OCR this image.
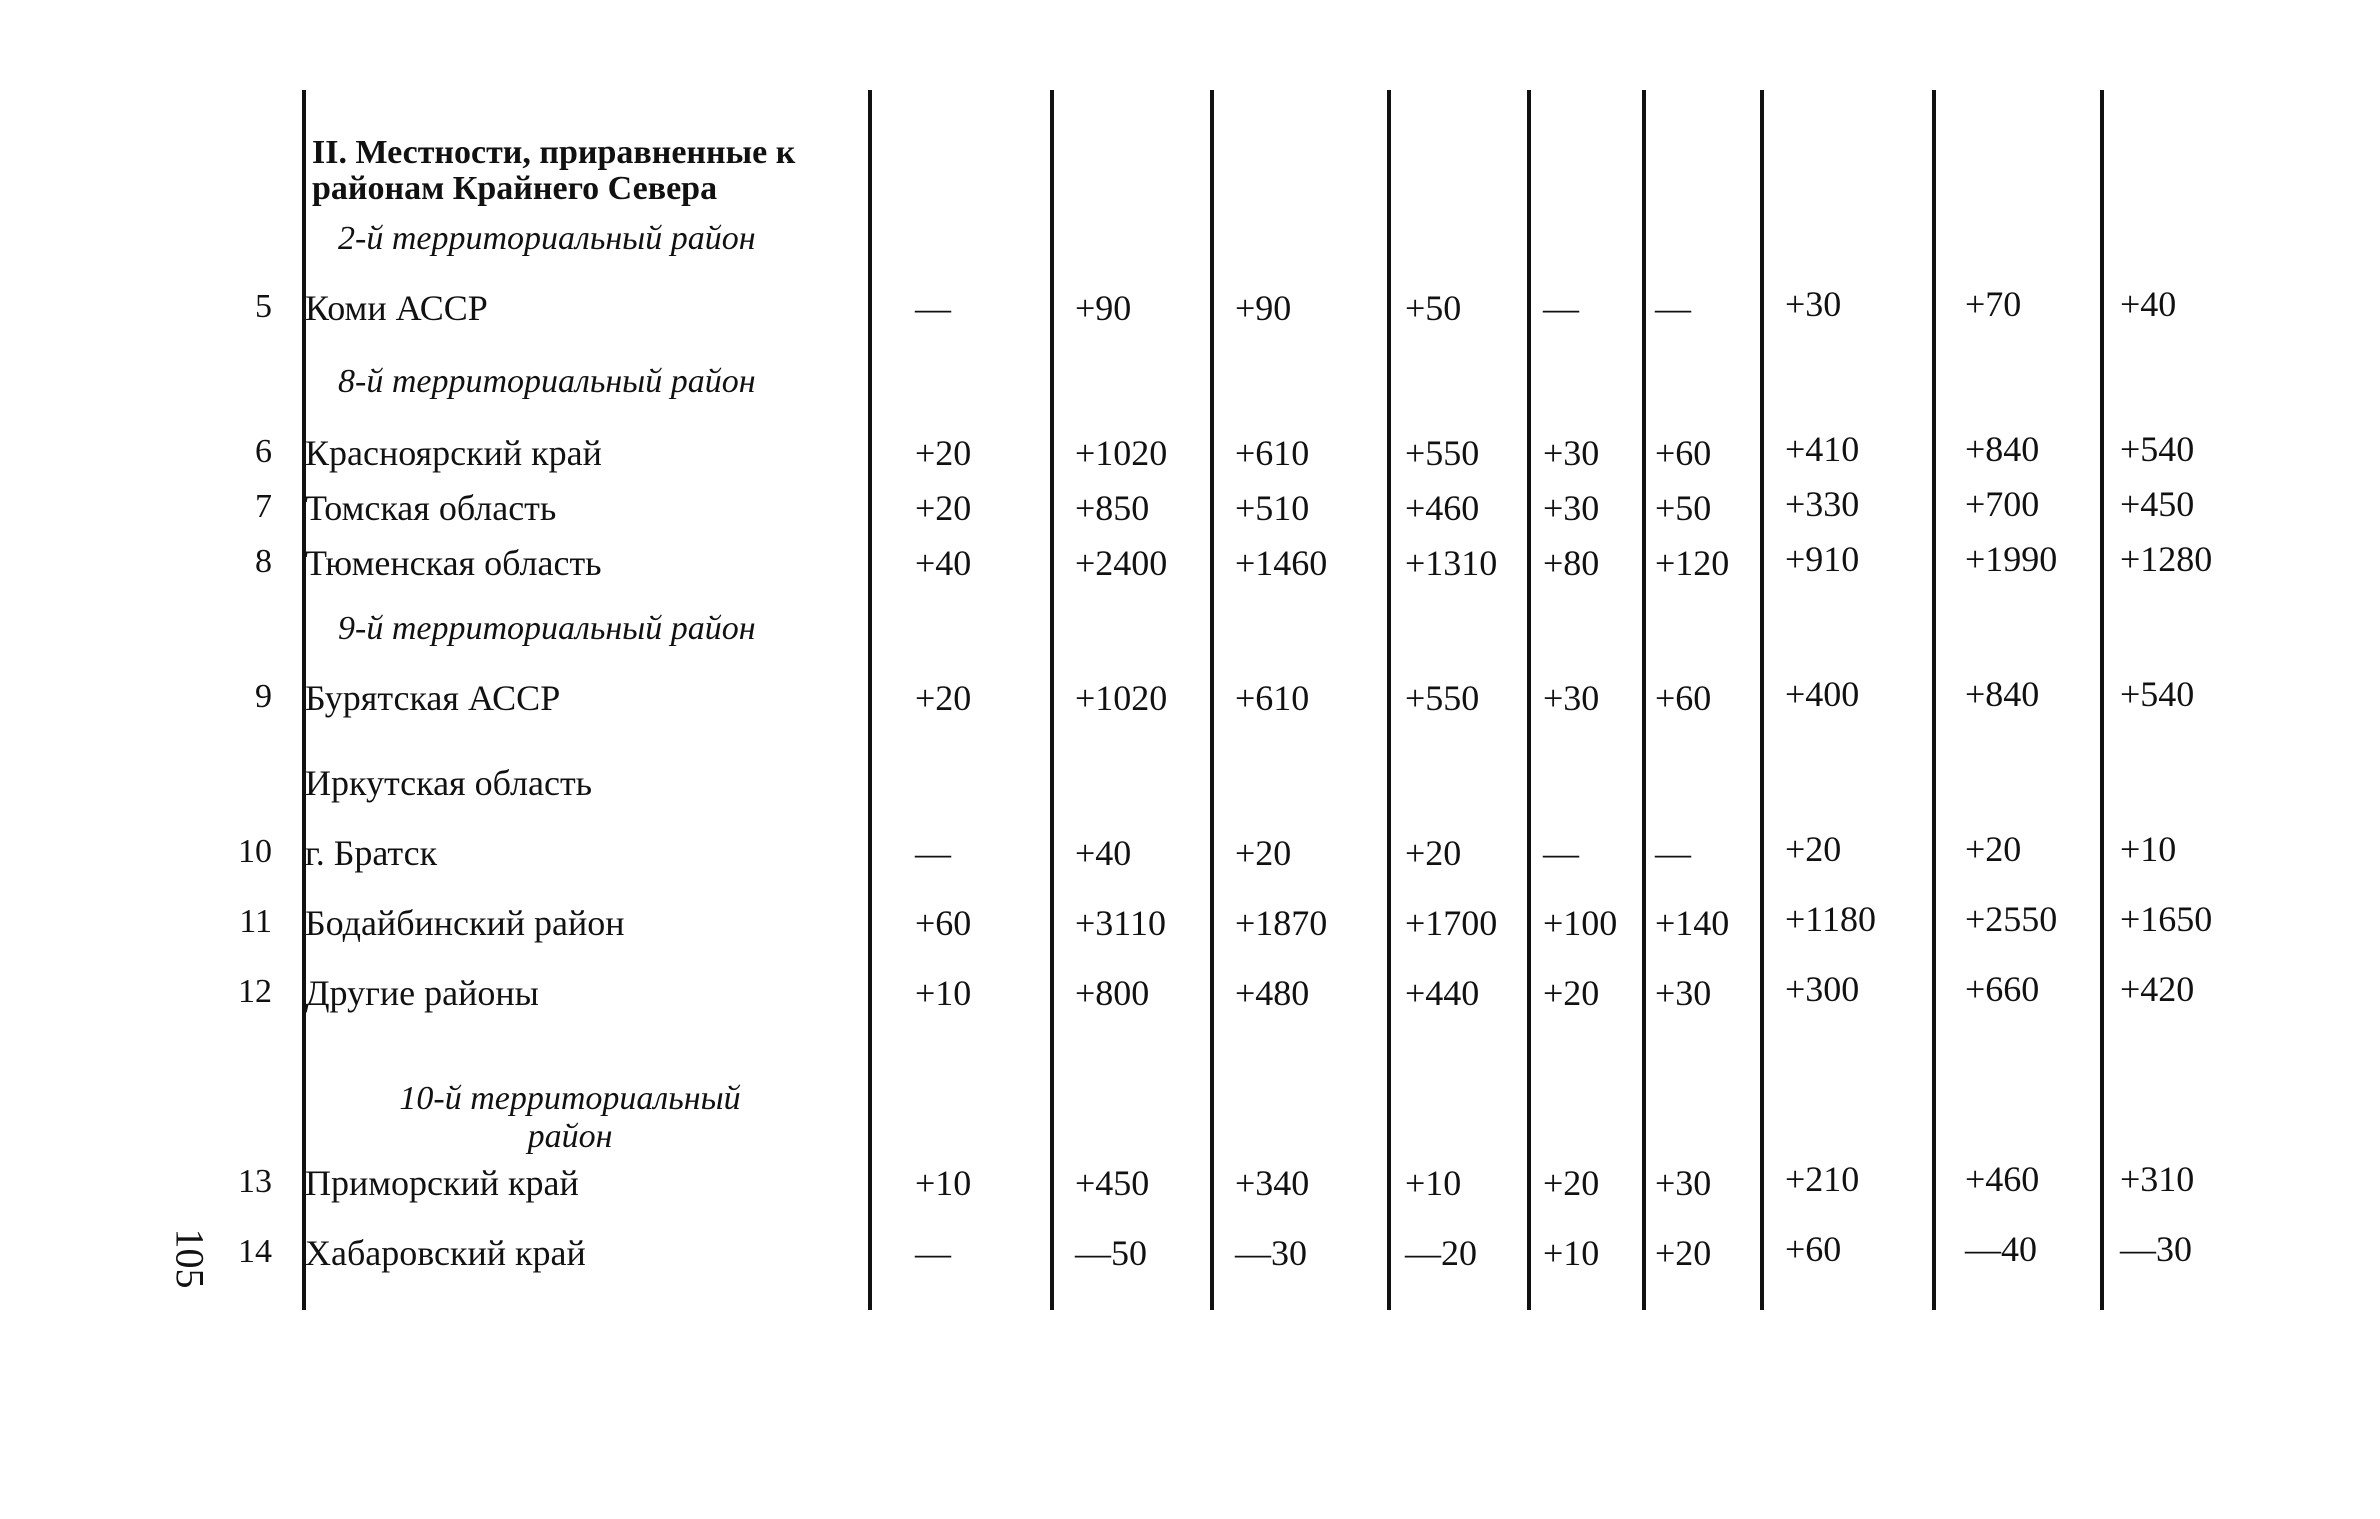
II. Местности, приравненные к районам Крайнего Севера
2-й территориальный район
5 Коми АССР	—	+90	+90	+50 — —	+30	+70	+40
8-й территориальный район
6 Красноярский край	+20	+1020 +610	+550 +30 +60 +410	+840 +540
7 Томская область	+20	+850 +510	+460 +30 +50 +330	+700 +450
8 Тюменская область	+40	+2400 +1460 +1310 +80 +120 +910	+1990 +1280
9-й территориальный район
9 Бурятская АССР	+20	+1020 +610	+550 +30 +60 +400	+840 +540
Иркутская область
10 г. Братск	—	+40	+20	+20 — —	+20	+20	+10
11 Бодайбинский район	+60	+3110 +1870 +1700 +100 +140 +1180 +2550 +1650
12 Другие районы	+10	+800 +480	+440 +20 +30 +300	+660 +420
10-й территориальный район
13 Приморский край	+10	+450 +340	+10 +20 +30 +210	+460 +310
14 Хабаровский край	—	—50 —30	—20 +10 +20 +60	—40 —30
105
